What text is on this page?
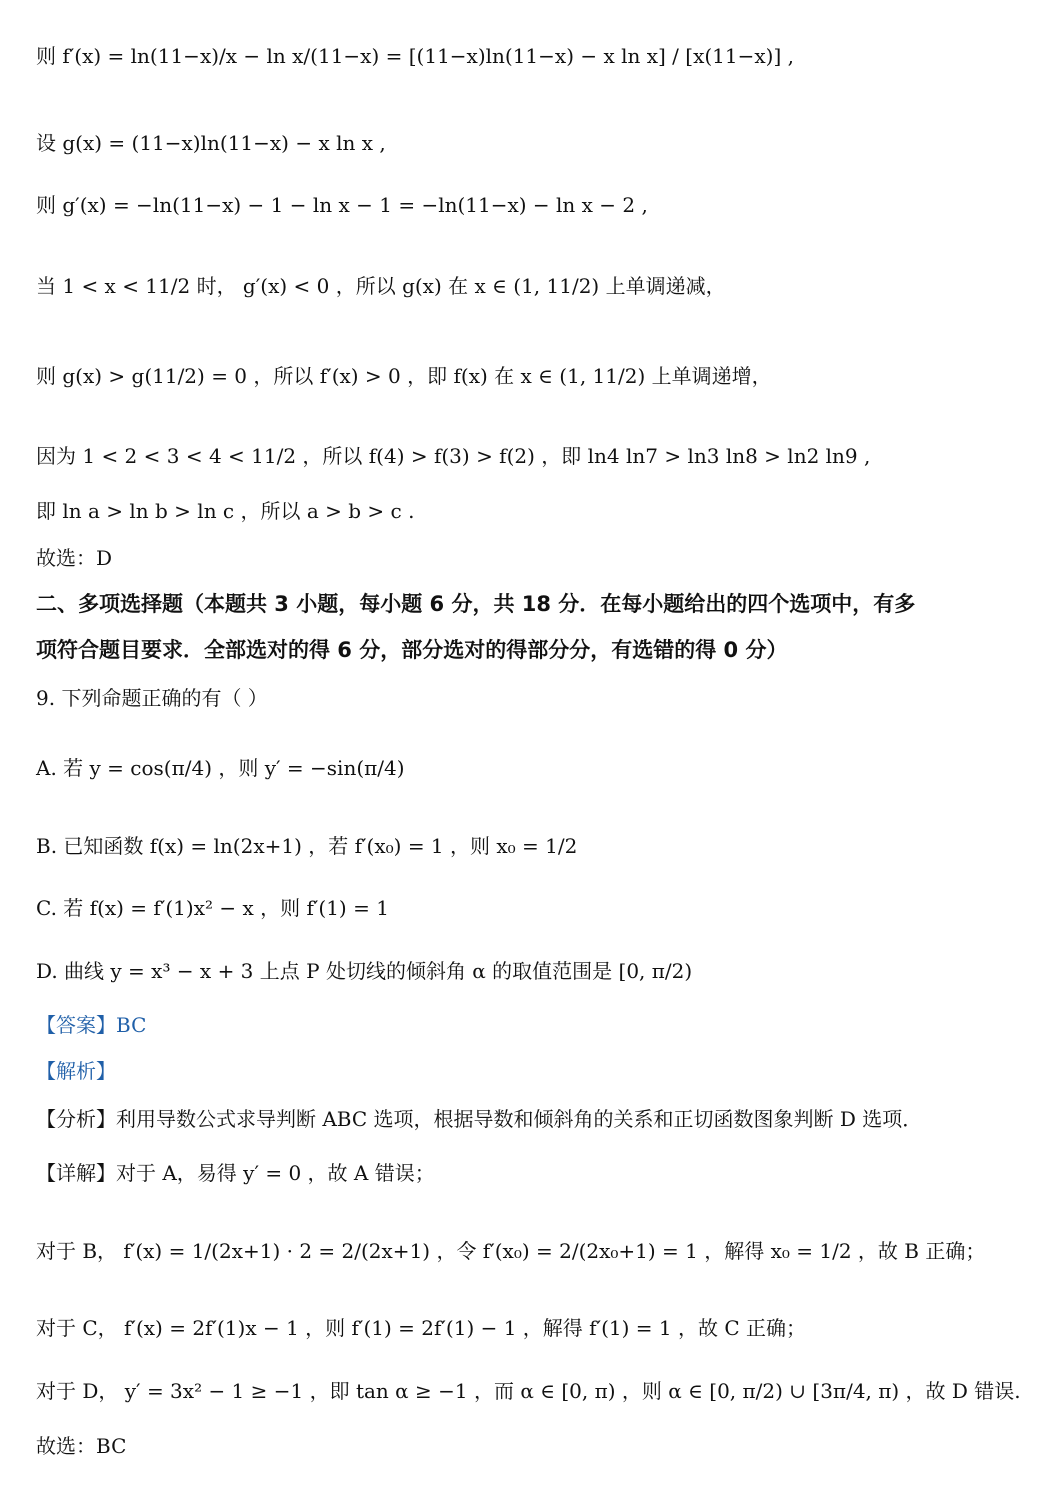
则 f′(x) = ln(11−x)/x − ln x/(11−x) = [(11−x)ln(11−x) − x ln x] / [x(11−x)] ,
设 g(x) = (11−x)ln(11−x) − x ln x ,
则 g′(x) = −ln(11−x) − 1 − ln x − 1 = −ln(11−x) − ln x − 2 ,
当 1 < x < 11/2 时， g′(x) < 0 ，所以 g(x) 在 x ∈ (1, 11/2) 上单调递减，
则 g(x) > g(11/2) = 0 ，所以 f′(x) > 0 ，即 f(x) 在 x ∈ (1, 11/2) 上单调递增，
因为 1 < 2 < 3 < 4 < 11/2 ，所以 f(4) > f(3) > f(2) ，即 ln4 ln7 > ln3 ln8 > ln2 ln9 ,
即 ln a > ln b > ln c ，所以 a > b > c .
故选：D
二、多项选择题（本题共 3 小题，每小题 6 分，共 18 分．在每小题给出的四个选项中，有多
项符合题目要求．全部选对的得 6 分，部分选对的得部分分，有选错的得 0 分）
9. 下列命题正确的有（ ）
A. 若 y = cos(π/4) ，则 y′ = −sin(π/4)
B. 已知函数 f(x) = ln(2x+1) ，若 f′(x₀) = 1 ，则 x₀ = 1/2
C. 若 f(x) = f′(1)x² − x ，则 f′(1) = 1
D. 曲线 y = x³ − x + 3 上点 P 处切线的倾斜角 α 的取值范围是 [0, π/2)
【答案】BC
【解析】
【分析】利用导数公式求导判断 ABC 选项，根据导数和倾斜角的关系和正切函数图象判断 D 选项．
【详解】对于 A，易得 y′ = 0 ，故 A 错误；
对于 B， f′(x) = 1/(2x+1) · 2 = 2/(2x+1) ，令 f′(x₀) = 2/(2x₀+1) = 1 ，解得 x₀ = 1/2 ，故 B 正确；
对于 C， f′(x) = 2f′(1)x − 1 ，则 f′(1) = 2f′(1) − 1 ，解得 f′(1) = 1 ，故 C 正确；
对于 D， y′ = 3x² − 1 ≥ −1 ，即 tan α ≥ −1 ，而 α ∈ [0, π) ，则 α ∈ [0, π/2) ∪ [3π/4, π) ，故 D 错误.
故选：BC
